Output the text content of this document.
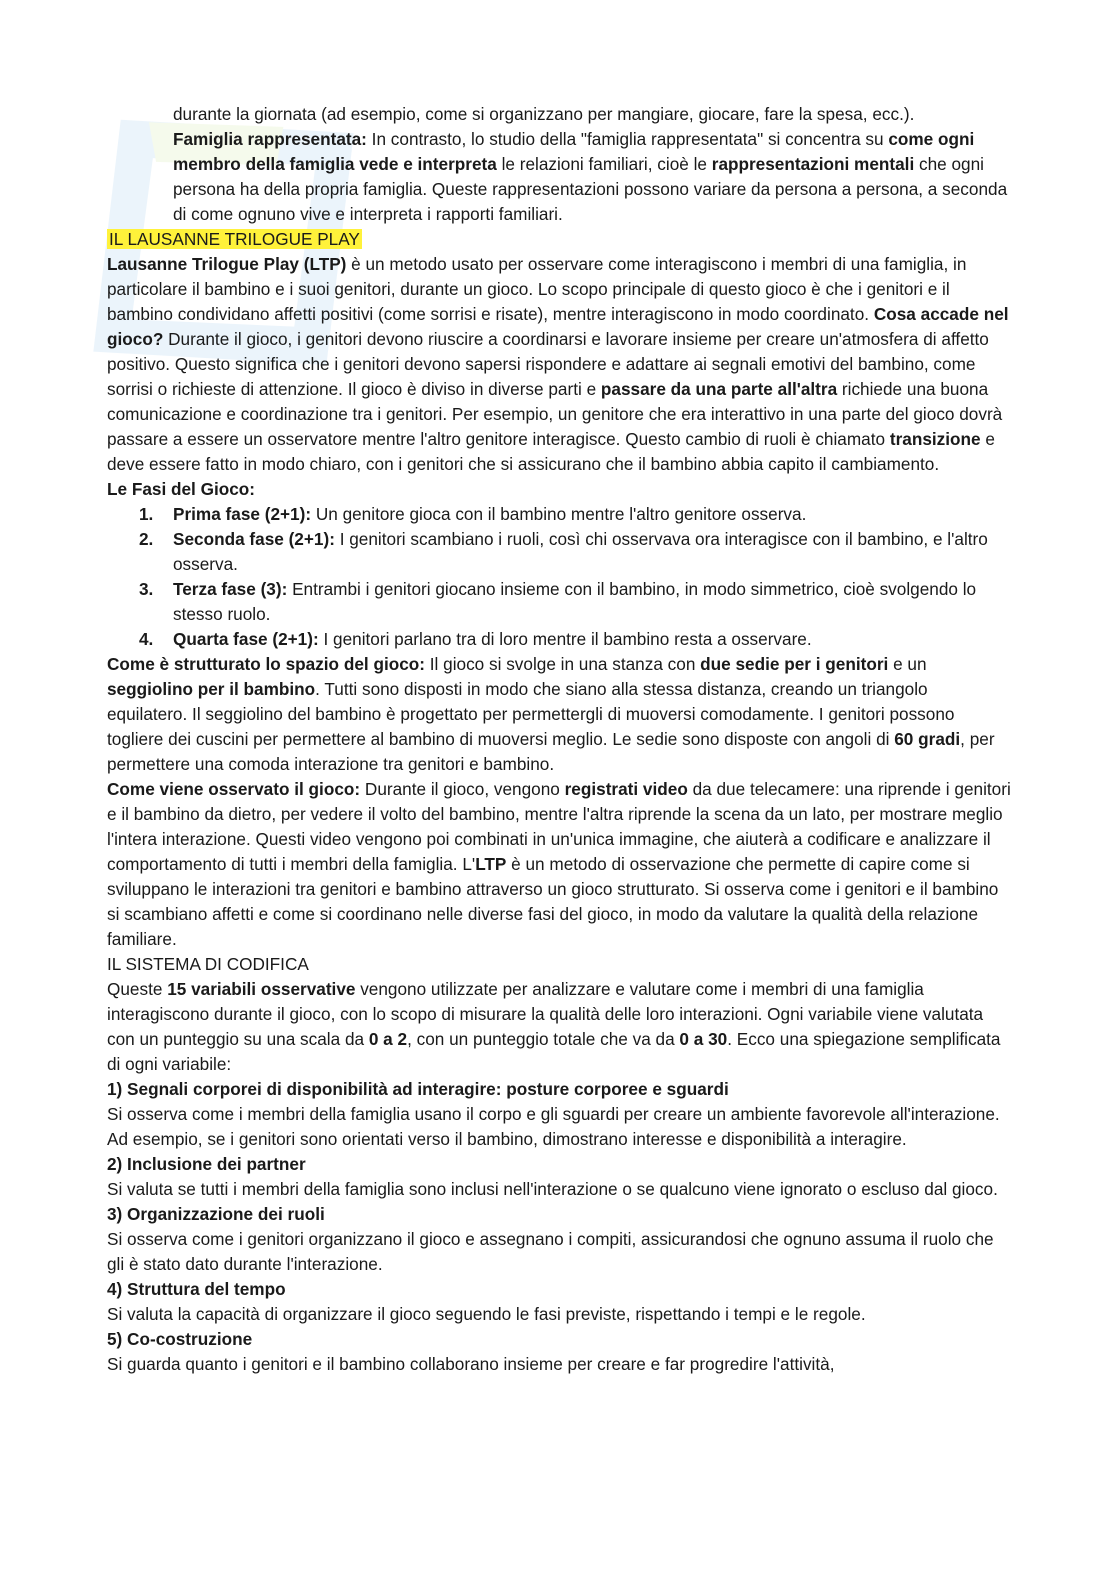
durante la giornata (ad esempio, come si organizzano per mangiare, giocare, fare la spesa, ecc.).

Famiglia rappresentata: In contrasto, lo studio della "famiglia rappresentata" si concentra su come ogni membro della famiglia vede e interpreta le relazioni familiari, cioè le rappresentazioni mentali che ogni persona ha della propria famiglia. Queste rappresentazioni possono variare da persona a persona, a seconda di come ognuno vive e interpreta i rapporti familiari.

IL LAUSANNE TRILOGUE PLAY

Lausanne Trilogue Play (LTP) è un metodo usato per osservare come interagiscono i membri di una famiglia, in particolare il bambino e i suoi genitori, durante un gioco. Lo scopo principale di questo gioco è che i genitori e il bambino condividano affetti positivi (come sorrisi e risate), mentre interagiscono in modo coordinato. Cosa accade nel gioco? Durante il gioco, i genitori devono riuscire a coordinarsi e lavorare insieme per creare un'atmosfera di affetto positivo. Questo significa che i genitori devono sapersi rispondere e adattare ai segnali emotivi del bambino, come sorrisi o richieste di attenzione. Il gioco è diviso in diverse parti e passare da una parte all'altra richiede una buona comunicazione e coordinazione tra i genitori. Per esempio, un genitore che era interattivo in una parte del gioco dovrà passare a essere un osservatore mentre l'altro genitore interagisce. Questo cambio di ruoli è chiamato transizione e deve essere fatto in modo chiaro, con i genitori che si assicurano che il bambino abbia capito il cambiamento.

Le Fasi del Gioco:

1. Prima fase (2+1): Un genitore gioca con il bambino mentre l'altro genitore osserva.
2. Seconda fase (2+1): I genitori scambiano i ruoli, così chi osservava ora interagisce con il bambino, e l'altro osserva.
3. Terza fase (3): Entrambi i genitori giocano insieme con il bambino, in modo simmetrico, cioè svolgendo lo stesso ruolo.
4. Quarta fase (2+1): I genitori parlano tra di loro mentre il bambino resta a osservare.

Come è strutturato lo spazio del gioco: Il gioco si svolge in una stanza con due sedie per i genitori e un seggiolino per il bambino. Tutti sono disposti in modo che siano alla stessa distanza, creando un triangolo equilatero. Il seggiolino del bambino è progettato per permettergli di muoversi comodamente. I genitori possono togliere dei cuscini per permettere al bambino di muoversi meglio. Le sedie sono disposte con angoli di 60 gradi, per permettere una comoda interazione tra genitori e bambino.

Come viene osservato il gioco: Durante il gioco, vengono registrati video da due telecamere: una riprende i genitori e il bambino da dietro, per vedere il volto del bambino, mentre l'altra riprende la scena da un lato, per mostrare meglio l'intera interazione. Questi video vengono poi combinati in un'unica immagine, che aiuterà a codificare e analizzare il comportamento di tutti i membri della famiglia. L'LTP è un metodo di osservazione che permette di capire come si sviluppano le interazioni tra genitori e bambino attraverso un gioco strutturato. Si osserva come i genitori e il bambino si scambiano affetti e come si coordinano nelle diverse fasi del gioco, in modo da valutare la qualità della relazione familiare.

IL SISTEMA DI CODIFICA

Queste 15 variabili osservative vengono utilizzate per analizzare e valutare come i membri di una famiglia interagiscono durante il gioco, con lo scopo di misurare la qualità delle loro interazioni. Ogni variabile viene valutata con un punteggio su una scala da 0 a 2, con un punteggio totale che va da 0 a 30. Ecco una spiegazione semplificata di ogni variabile:

1) Segnali corporei di disponibilità ad interagire: posture corporee e sguardi

Si osserva come i membri della famiglia usano il corpo e gli sguardi per creare un ambiente favorevole all'interazione. Ad esempio, se i genitori sono orientati verso il bambino, dimostrano interesse e disponibilità a interagire.

2) Inclusione dei partner

Si valuta se tutti i membri della famiglia sono inclusi nell'interazione o se qualcuno viene ignorato o escluso dal gioco.

3) Organizzazione dei ruoli

Si osserva come i genitori organizzano il gioco e assegnano i compiti, assicurandosi che ognuno assuma il ruolo che gli è stato dato durante l'interazione.

4) Struttura del tempo

Si valuta la capacità di organizzare il gioco seguendo le fasi previste, rispettando i tempi e le regole.

5) Co-costruzione

Si guarda quanto i genitori e il bambino collaborano insieme per creare e far progredire l'attività,
